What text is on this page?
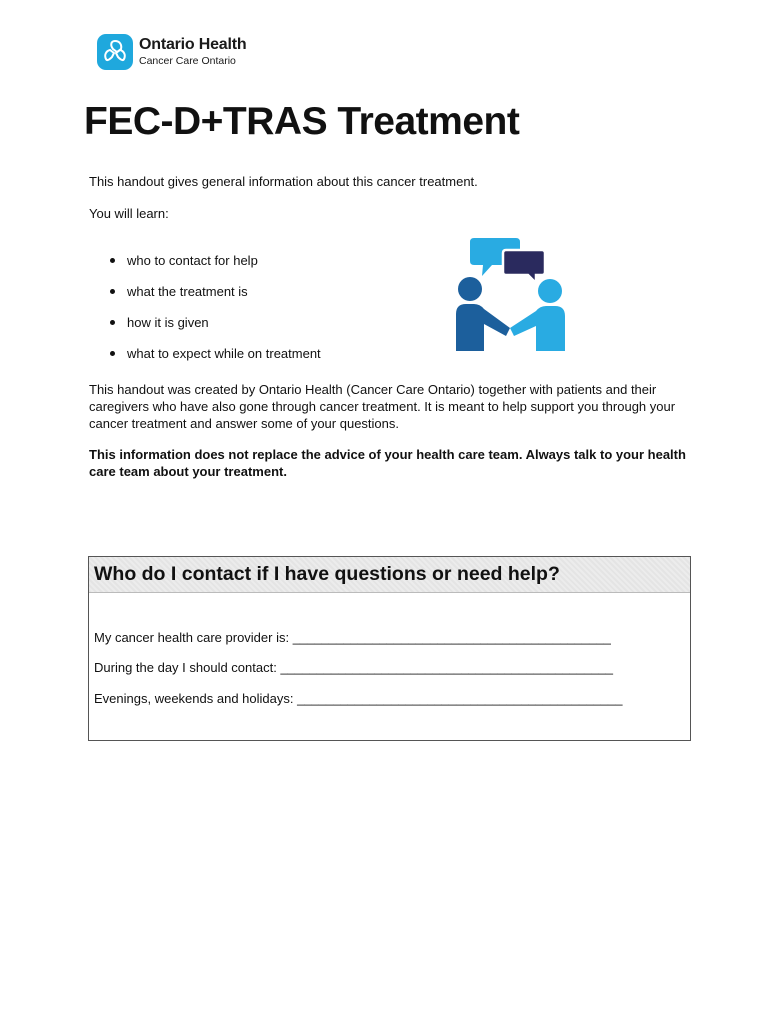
Ontario Health
Cancer Care Ontario
FEC-D+TRAS Treatment

This handout gives general information about this cancer treatment.

You will learn:

who to contact for help
what the treatment is
how it is given
what to expect while on treatment

This handout was created by Ontario Health (Cancer Care Ontario) together with patients and their caregivers who have also gone through cancer treatment. It is meant to help support you through your cancer treatment and answer some of your questions.

This information does not replace the advice of your health care team. Always talk to your health care team about your treatment.

Who do I contact if I have questions or need help?
My cancer health care provider is: ____________________________________________
During the day I should contact: ______________________________________________
Evenings, weekends and holidays: _____________________________________________
